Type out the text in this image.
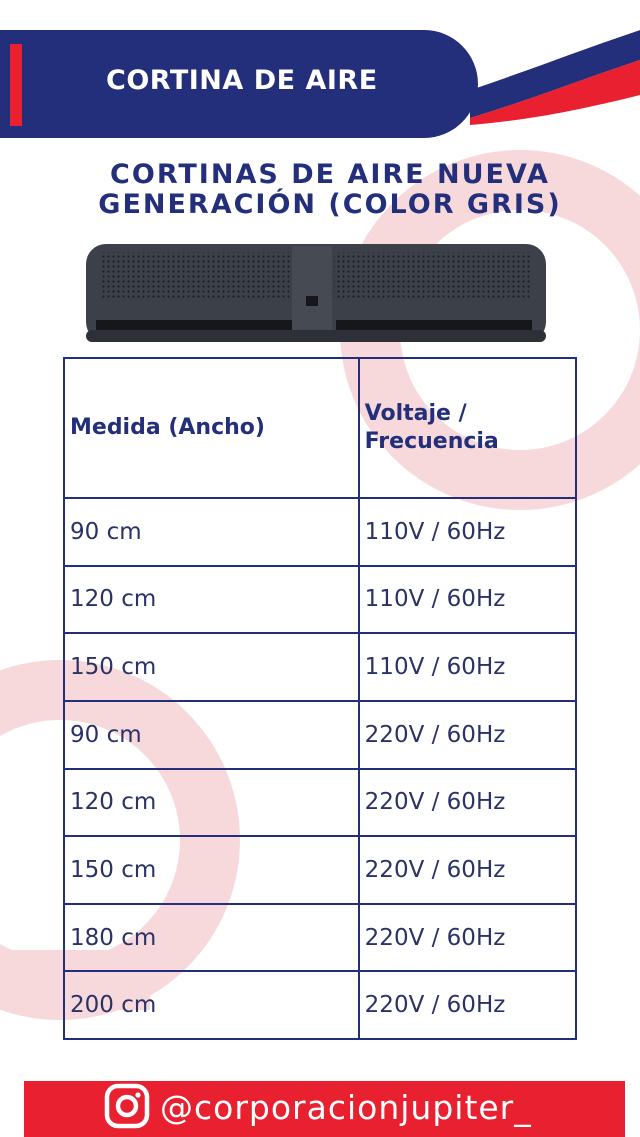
CORTINA DE AIRE
CORTINAS DE AIRE NUEVA
GENERACIÓN (COLOR GRIS)
Medida (Ancho)	Voltaje /
Frecuencia

90 cm	110V / 60Hz
120 cm	110V / 60Hz
150 cm	110V / 60Hz
90 cm	220V / 60Hz
120 cm	220V / 60Hz
150 cm	220V / 60Hz
180 cm	220V / 60Hz
200 cm	220V / 60Hz
@corporacionjupiter_
